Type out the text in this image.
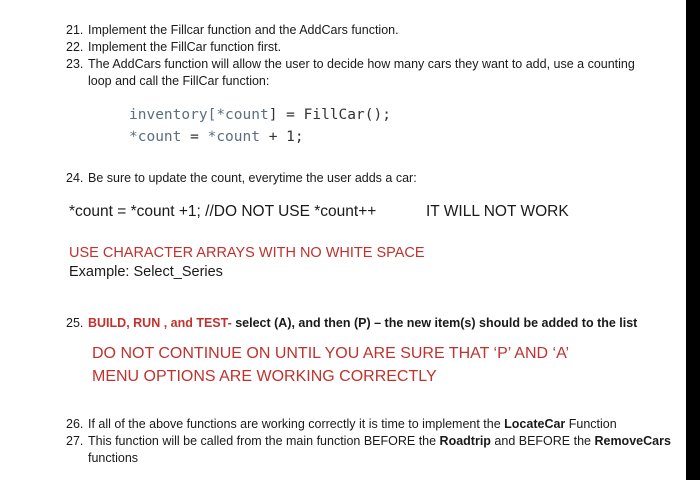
21. Implement the Fillcar function and the AddCars function.
22. Implement the FillCar function first.
23. The AddCars function will allow the user to decide how many cars they want to add, use a counting
loop and call the FillCar function:
inventory[*count] = FillCar();
*count = *count + 1;
24. Be sure to update the count, everytime the user adds a car:
*count = *count +1; //DO NOT USE *count++	IT WILL NOT WORK
USE CHARACTER ARRAYS WITH NO WHITE SPACE
Example: Select_Series
25. BUILD, RUN , and TEST- select (A), and then (P) – the new item(s) should be added to the list
DO NOT CONTINUE ON UNTIL YOU ARE SURE THAT ‘P’ AND ‘A’
MENU OPTIONS ARE WORKING CORRECTLY
26. If all of the above functions are working correctly it is time to implement the LocateCar Function
27. This function will be called from the main function BEFORE the Roadtrip and BEFORE the RemoveCars
functions
